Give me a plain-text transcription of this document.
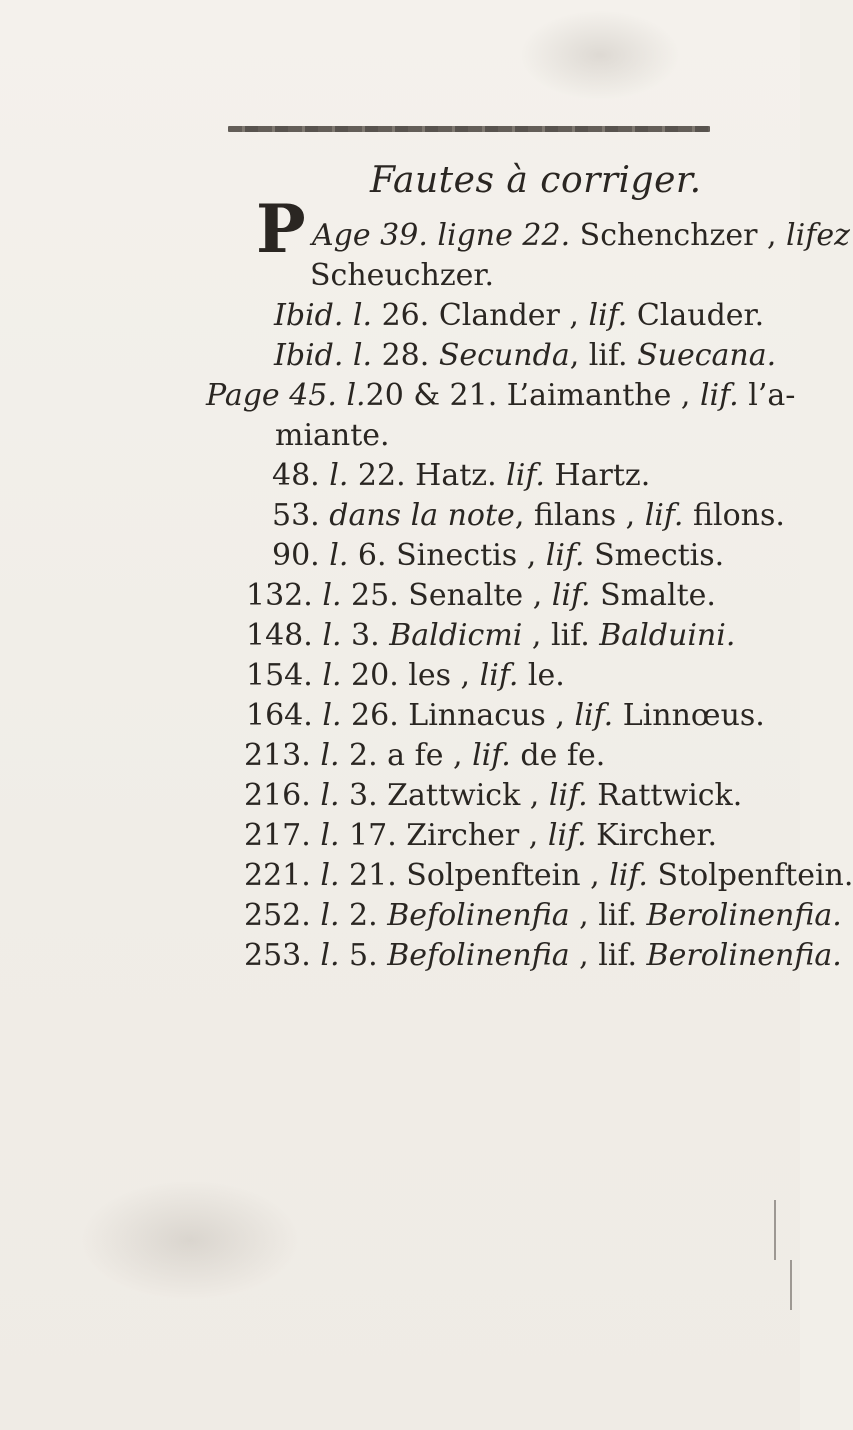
Fautes à corriger.
P Age 39. ligne 22. Schenchzer , lifez
Scheuchzer.
Ibid. l. 26. Clander , lif. Clauder.
Ibid. l. 28. Secunda, lif. Suecana.
Page 45. l.20 & 21. L’aimanthe , lif. l’a-
miante.
48. l. 22. Hatz. lif. Hartz.
53. dans la note, filans , lif. filons.
90. l. 6. Sinectis , lif. Smectis.
132. l. 25. Senalte , lif. Smalte.
148. l. 3. Baldicmi , lif. Balduini.
154. l. 20. les , lif. le.
164. l. 26. Linnacus , lif. Linnœus.
213. l. 2. a fe , lif. de fe.
216. l. 3. Zattwick , lif. Rattwick.
217. l. 17. Zircher , lif. Kircher.
221. l. 21. Solpenftein , lif. Stolpenftein.
252. l. 2. Befolinenfia , lif. Berolinenfia.
253. l. 5. Befolinenfia , lif. Berolinenfia.
